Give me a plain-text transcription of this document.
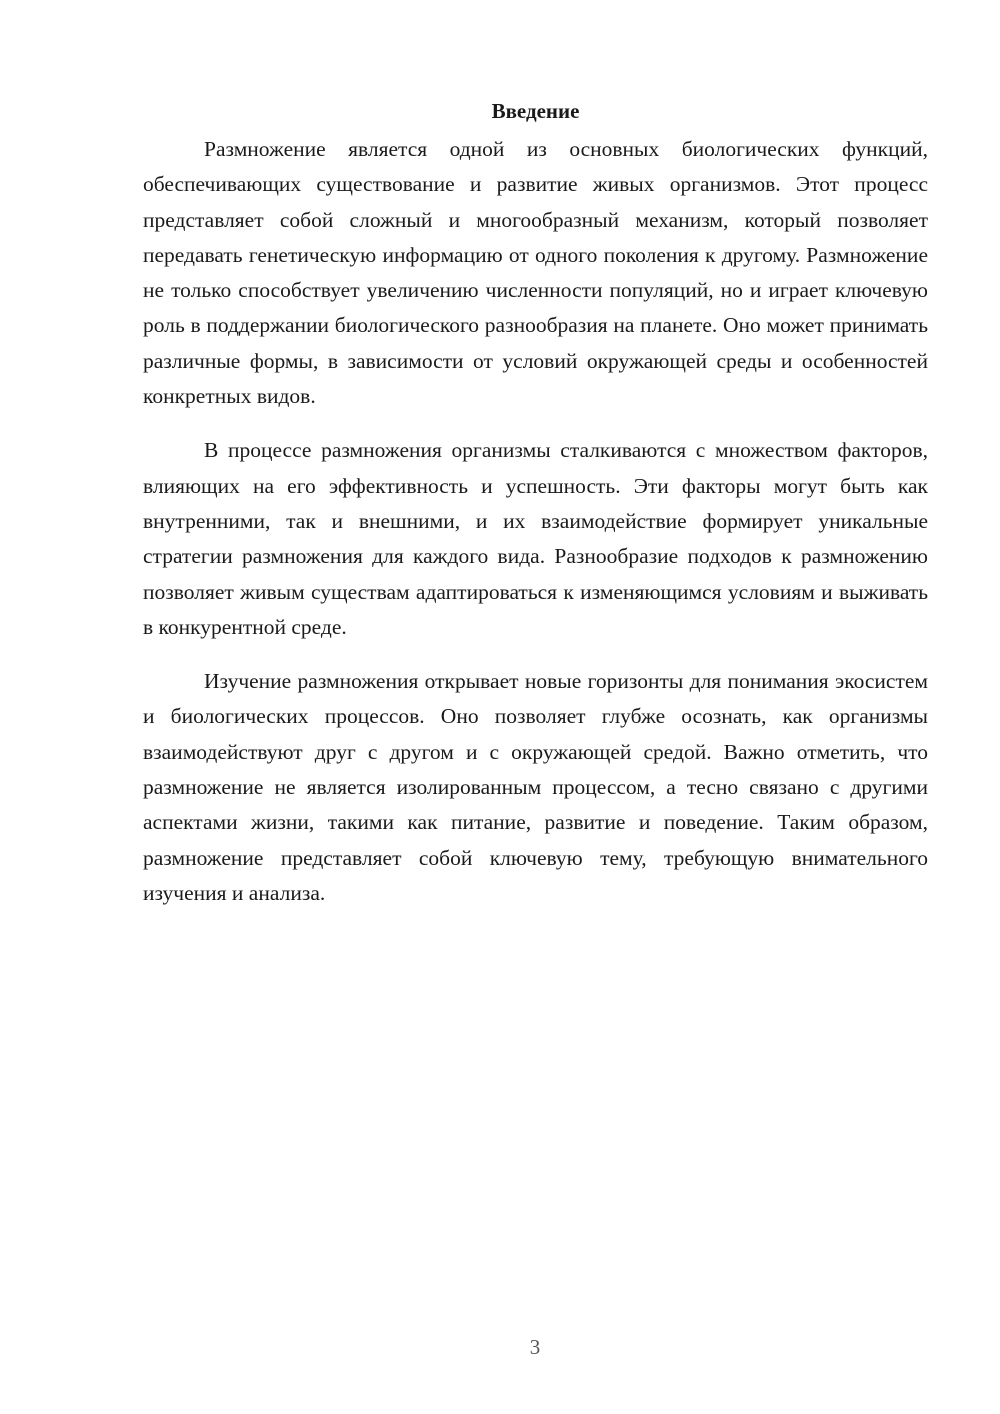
Введение

Размножение является одной из основных биологических функций, обеспечивающих существование и развитие живых организмов. Этот процесс представляет собой сложный и многообразный механизм, который позволяет передавать генетическую информацию от одного поколения к другому. Размножение не только способствует увеличению численности популяций, но и играет ключевую роль в поддержании биологического разнообразия на планете. Оно может принимать различные формы, в зависимости от условий окружающей среды и особенностей конкретных видов.

В процессе размножения организмы сталкиваются с множеством факторов, влияющих на его эффективность и успешность. Эти факторы могут быть как внутренними, так и внешними, и их взаимодействие формирует уникальные стратегии размножения для каждого вида. Разнообразие подходов к размножению позволяет живым существам адаптироваться к изменяющимся условиям и выживать в конкурентной среде.

Изучение размножения открывает новые горизонты для понимания экосистем и биологических процессов. Оно позволяет глубже осознать, как организмы взаимодействуют друг с другом и с окружающей средой. Важно отметить, что размножение не является изолированным процессом, а тесно связано с другими аспектами жизни, такими как питание, развитие и поведение. Таким образом, размножение представляет собой ключевую тему, требующую внимательного изучения и анализа.

3
